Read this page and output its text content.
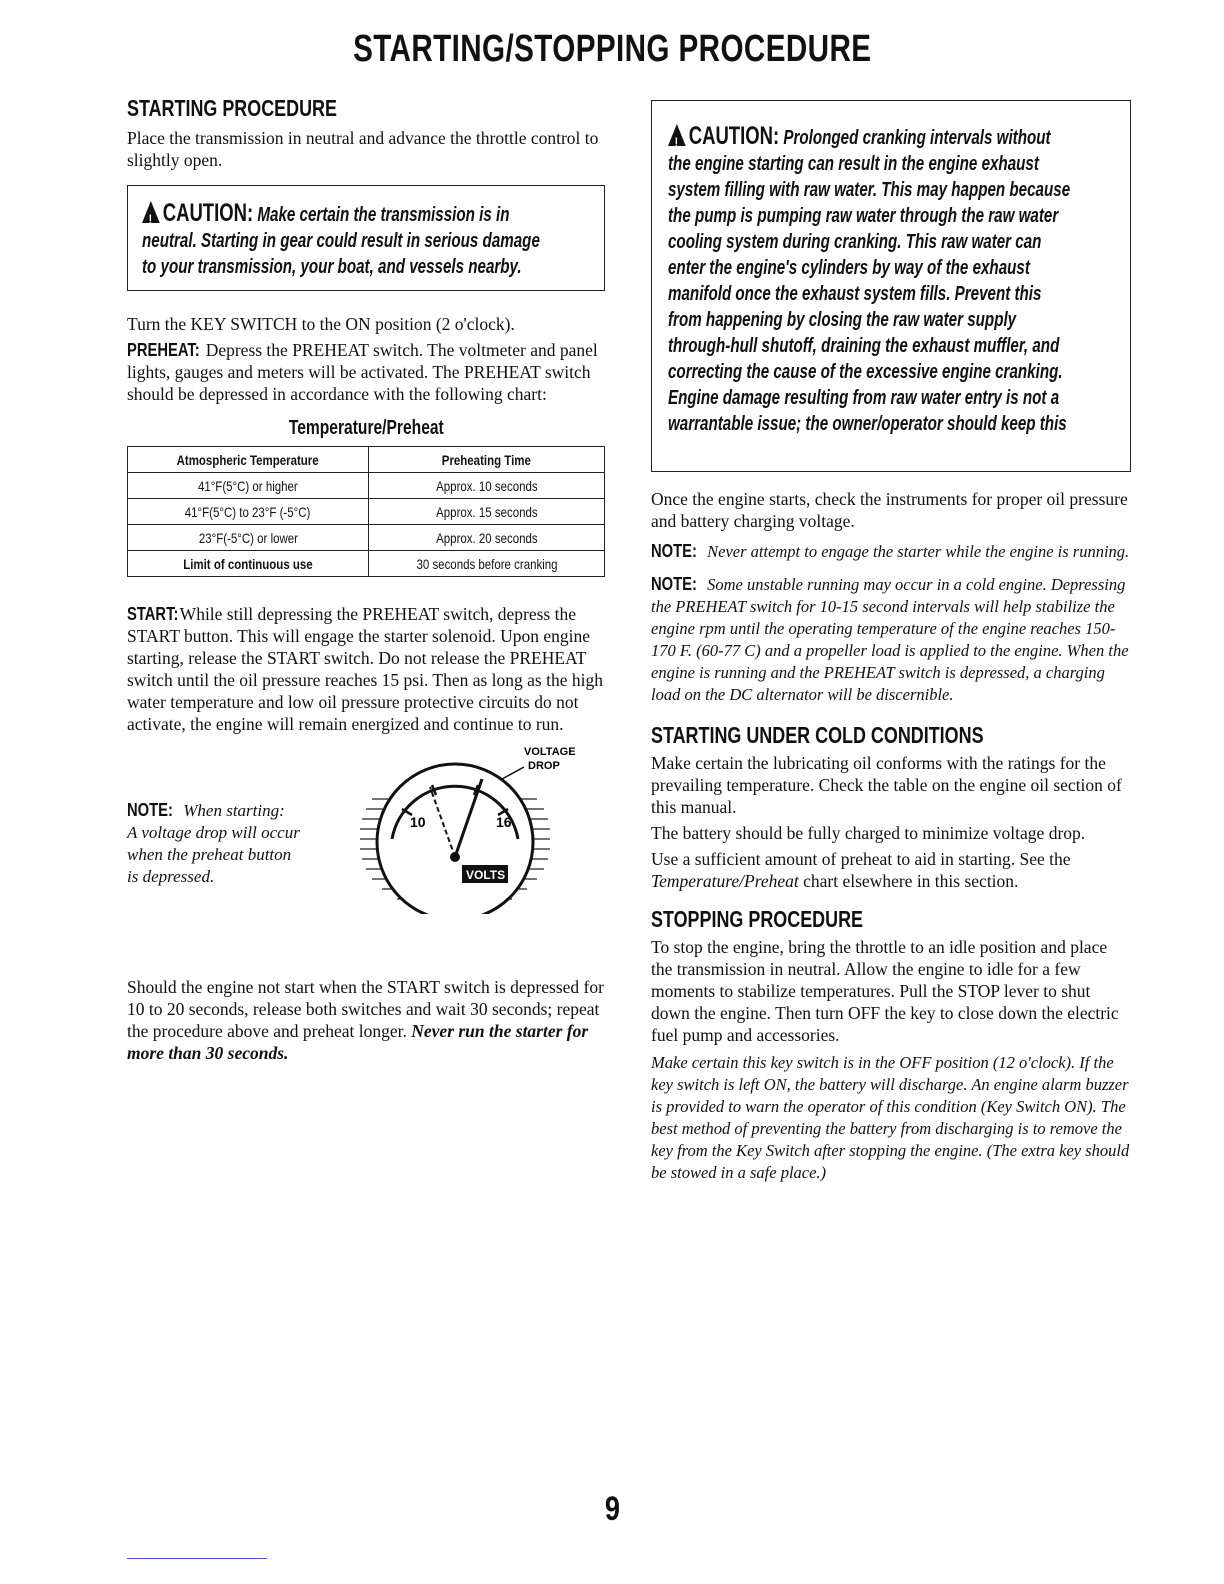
STARTING/STOPPING PROCEDURE
STARTING PROCEDURE

Place the transmission in neutral and advance the throttle control to slightly open.

!CAUTION: Make certain the transmission is in
neutral. Starting in gear could result in serious damage
to your transmission, your boat, and vessels nearby.

Turn the KEY SWITCH to the ON position (2 o'clock).

PREHEAT: Depress the PREHEAT switch. The voltmeter and panel lights, gauges and meters will be activated. The PREHEAT switch should be depressed in accordance with the following chart:

Temperature/Preheat
Atmospheric Temperature	Preheating Time
41°F(5°C) or higher	Approx. 10 seconds
41°F(5°C) to 23°F (-5°C)	Approx. 15 seconds
23°F(-5°C) or lower	Approx. 20 seconds
Limit of continuous use	30 seconds before cranking

START:While still depressing the PREHEAT switch, depress the START button. This will engage the starter solenoid. Upon engine starting, release the START switch. Do not release the PREHEAT switch until the oil pressure reaches 15 psi. Then as long as the high water temperature and low oil pressure protective circuits do not activate, the engine will remain energized and continue to run.

NOTE: When starting:
A voltage drop will occur
when the preheat button
is depressed.
VOLTAGE
DROP
10	16
VOLTS

Should the engine not start when the START switch is depressed for 10 to 20 seconds, release both switches and wait 30 seconds; repeat the procedure above and preheat longer. Never run the starter for more than 30 seconds.

!CAUTION: Prolonged cranking intervals without
the engine starting can result in the engine exhaust
system filling with raw water. This may happen because
the pump is pumping raw water through the raw water
cooling system during cranking. This raw water can
enter the engine's cylinders by way of the exhaust
manifold once the exhaust system fills. Prevent this
from happening by closing the raw water supply
through-hull shutoff, draining the exhaust muffler, and
correcting the cause of the excessive engine cranking.
Engine damage resulting from raw water entry is not a
warrantable issue; the owner/operator should keep this

Once the engine starts, check the instruments for proper oil pressure and battery charging voltage.

NOTE: Never attempt to engage the starter while the engine is running.

NOTE: Some unstable running may occur in a cold engine. Depressing the PREHEAT switch for 10-15 second intervals will help stabilize the engine rpm until the operating temperature of the engine reaches 150-170 F. (60-77 C) and a propeller load is applied to the engine. When the engine is running and the PREHEAT switch is depressed, a charging load on the DC alternator will be discernible.

STARTING UNDER COLD CONDITIONS

Make certain the lubricating oil conforms with the ratings for the prevailing temperature. Check the table on the engine oil section of this manual.

The battery should be fully charged to minimize voltage drop.

Use a sufficient amount of preheat to aid in starting. See the Temperature/Preheat chart elsewhere in this section.

STOPPING PROCEDURE

To stop the engine, bring the throttle to an idle position and place the transmission in neutral. Allow the engine to idle for a few moments to stabilize temperatures. Pull the STOP lever to shut down the engine. Then turn OFF the key to close down the electric fuel pump and accessories.

Make certain this key switch is in the OFF position (12 o'clock). If the key switch is left ON, the battery will discharge. An engine alarm buzzer is provided to warn the operator of this condition (Key Switch ON). The best method of preventing the battery from discharging is to remove the key from the Key Switch after stopping the engine. (The extra key should be stowed in a safe place.)

9
